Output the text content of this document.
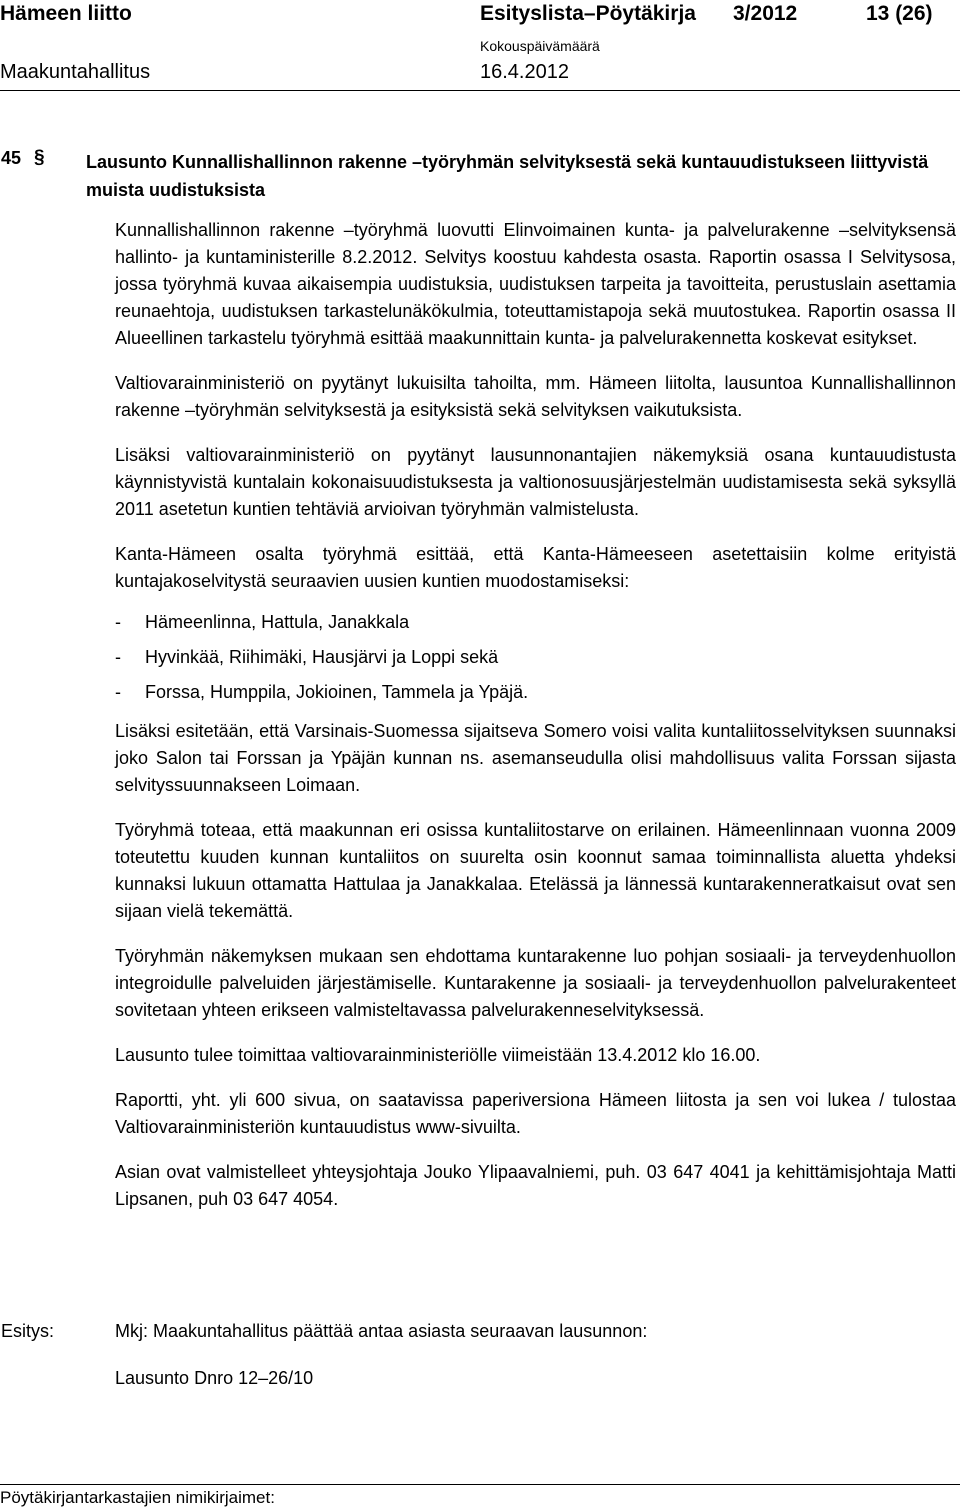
Hämeen liitto	Esityslista–Pöytäkirja 3/2012	13 (26)
Kokouspäivämäärä
Maakuntahallitus	16.4.2012
45 § Lausunto Kunnallishallinnon rakenne –työryhmän selvityksestä sekä kuntauudistukseen liittyvistä muista uudistuksista

Kunnallishallinnon rakenne –työryhmä luovutti Elinvoimainen kunta- ja palvelurakenne –selvityksensä hallinto- ja kuntaministerille 8.2.2012. Selvitys koostuu kahdesta osasta. Raportin osassa I Selvitysosa, jossa työryhmä kuvaa aikaisempia uudistuksia, uudistuksen tarpeita ja tavoitteita, perustuslain asettamia reunaehtoja, uudistuksen tarkastelunäkökulmia, toteuttamistapoja sekä muutostukea. Raportin osassa II Alueellinen tarkastelu työryhmä esittää maakunnittain kunta- ja palvelurakennetta koskevat esitykset.

Valtiovarainministeriö on pyytänyt lukuisilta tahoilta, mm. Hämeen liitolta, lausuntoa Kunnallishallinnon rakenne –työryhmän selvityksestä ja esityksistä sekä selvityksen vaikutuksista.

Lisäksi valtiovarainministeriö on pyytänyt lausunnonantajien näkemyksiä osana kuntauudistusta käynnistyvistä kuntalain kokonaisuudistuksesta ja valtionosuusjärjestelmän uudistamisesta sekä syksyllä 2011 asetetun kuntien tehtäviä arvioivan työryhmän valmistelusta.

Kanta-Hämeen osalta työryhmä esittää, että Kanta-Hämeeseen asetettaisiin kolme erityistä kuntajakoselvitystä seuraavien uusien kuntien muodostamiseksi:

- Hämeenlinna, Hattula, Janakkala
- Hyvinkää, Riihimäki, Hausjärvi ja Loppi sekä
- Forssa, Humppila, Jokioinen, Tammela ja Ypäjä.

Lisäksi esitetään, että Varsinais-Suomessa sijaitseva Somero voisi valita kuntaliitosselvityksen suunnaksi joko Salon tai Forssan ja Ypäjän kunnan ns. asemanseudulla olisi mahdollisuus valita Forssan sijasta selvityssuunnakseen Loimaan.

Työryhmä toteaa, että maakunnan eri osissa kuntaliitostarve on erilainen. Hämeenlinnaan vuonna 2009 toteutettu kuuden kunnan kuntaliitos on suurelta osin koonnut samaa toiminnallista aluetta yhdeksi kunnaksi lukuun ottamatta Hattulaa ja Janakkalaa. Etelässä ja lännessä kuntarakenneratkaisut ovat sen sijaan vielä tekemättä.

Työryhmän näkemyksen mukaan sen ehdottama kuntarakenne luo pohjan sosiaali- ja terveydenhuollon integroidulle palveluiden järjestämiselle. Kuntarakenne ja sosiaali- ja terveydenhuollon palvelurakenteet sovitetaan yhteen erikseen valmisteltavassa palvelurakenneselvityksessä.

Lausunto tulee toimittaa valtiovarainministeriölle viimeistään 13.4.2012 klo 16.00.

Raportti, yht. yli 600 sivua, on saatavissa paperiversiona Hämeen liitosta ja sen voi lukea / tulostaa Valtiovarainministeriön kuntauudistus www-sivuilta.

Asian ovat valmistelleet yhteysjohtaja Jouko Ylipaavalniemi, puh. 03 647 4041 ja kehittämisjohtaja Matti Lipsanen, puh 03 647 4054.

Esitys:	Mkj: Maakuntahallitus päättää antaa asiasta seuraavan lausunnon:
Lausunto Dnro 12–26/10
Pöytäkirjantarkastajien nimikirjaimet:
